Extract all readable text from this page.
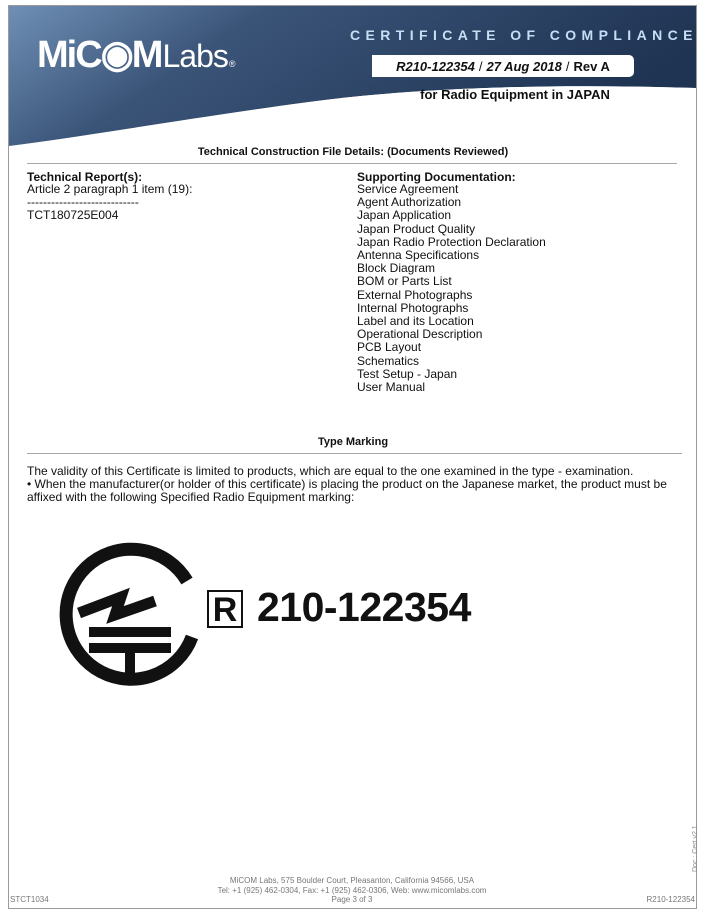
MiC◉M Labs ®
CERTIFICATE OF COMPLIANCE
R210-122354 / 27 Aug 2018 / Rev A
for Radio Equipment in JAPAN
Technical Construction File Details: (Documents Reviewed)
Technical Report(s):
Article 2 paragraph 1 item (19):
----------------------------
TCT180725E004
Supporting Documentation:
Service Agreement
Agent Authorization
Japan Application
Japan Product Quality
Japan Radio Protection Declaration
Antenna Specifications
Block Diagram
BOM or Parts List
External Photographs
Internal Photographs
Label and its Location
Operational Description
PCB Layout
Schematics
Test Setup - Japan
User Manual
Type Marking
The validity of this Certificate is limited to products, which are equal to the one examined in the type - examination.
• When the manufacturer(or holder of this certificate) is placing the product on the Japanese market, the product must be affixed with the following Specified Radio Equipment marking:
R 210-122354
Doc : Cert v2.1
MiCOM Labs, 575 Boulder Court, Pleasanton, California 94566, USA
Tel: +1 (925) 462-0304, Fax: +1 (925) 462-0306, Web: www.micomlabs.com
STCT1034	Page 3 of 3	R210-122354
